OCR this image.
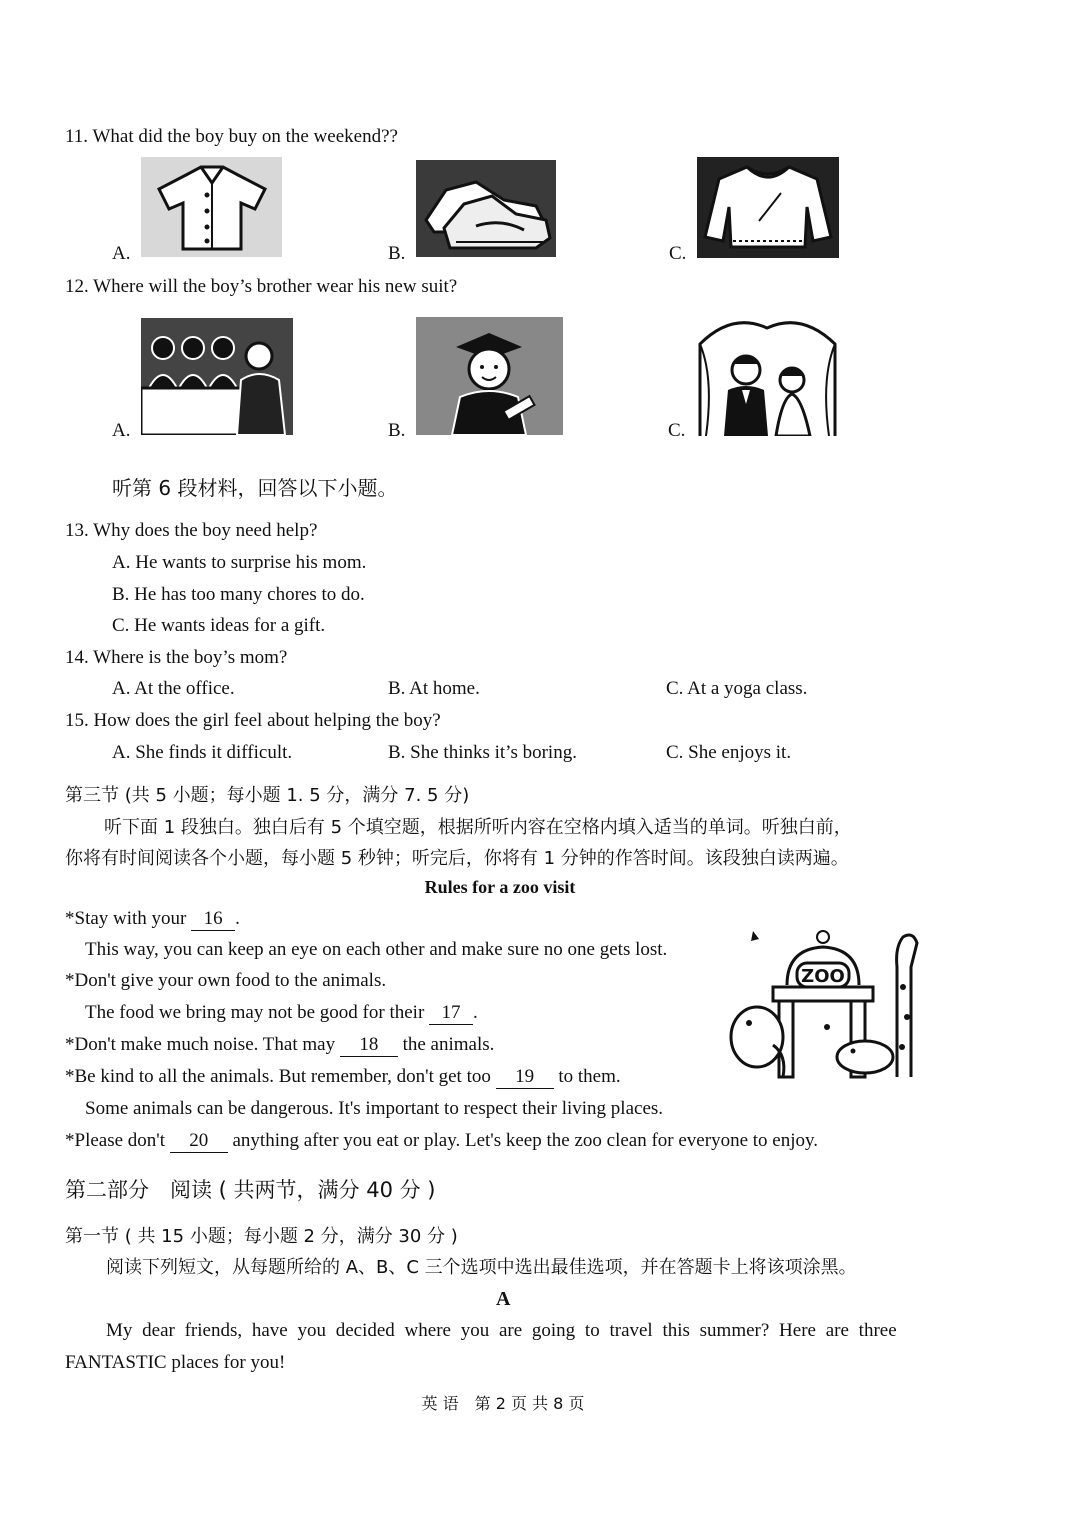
11. What did the boy buy on the weekend??
A.	B.	C.
12. Where will the boy’s brother wear his new suit?
A.	B.	C.
听第 6 段材料，回答以下小题。
13. Why does the boy need help?
A. He wants to surprise his mom.
B. He has too many chores to do.
C. He wants ideas for a gift.
14. Where is the boy’s mom?
A. At the office.	B. At home.	C. At a yoga class.
15. How does the girl feel about helping the boy?
A. She finds it difficult.	B. She thinks it’s boring.	C. She enjoys it.
第三节 (共 5 小题；每小题 1. 5 分，满分 7. 5 分)
听下面 1 段独白。独白后有 5 个填空题，根据所听内容在空格内填入适当的单词。听独白前，
你将有时间阅读各个小题，每小题 5 秒钟；听完后，你将有 1 分钟的作答时间。该段独白读两遍。
Rules for a zoo visit
*Stay with your 16 .
This way, you can keep an eye on each other and make sure no one gets lost.
*Don't give your own food to the animals.
The food we bring may not be good for their 17 .
*Don't make much noise. That may 18 the animals.
*Be kind to all the animals. But remember, don't get too 19 to them.
Some animals can be dangerous. It's important to respect their living places.
*Please don't 20 anything after you eat or play. Let's keep the zoo clean for everyone to enjoy.
ZOO
第二部分　阅读 ( 共两节，满分 40 分 )
第一节 ( 共 15 小题；每小题 2 分，满分 30 分 )
阅读下列短文，从每题所给的 A、B、C 三个选项中选出最佳选项，并在答题卡上将该项涂黑。
A
My dear friends, have you decided where you are going to travel this summer? Here are three
FANTASTIC places for you!
英 语　第 2 页 共 8 页
